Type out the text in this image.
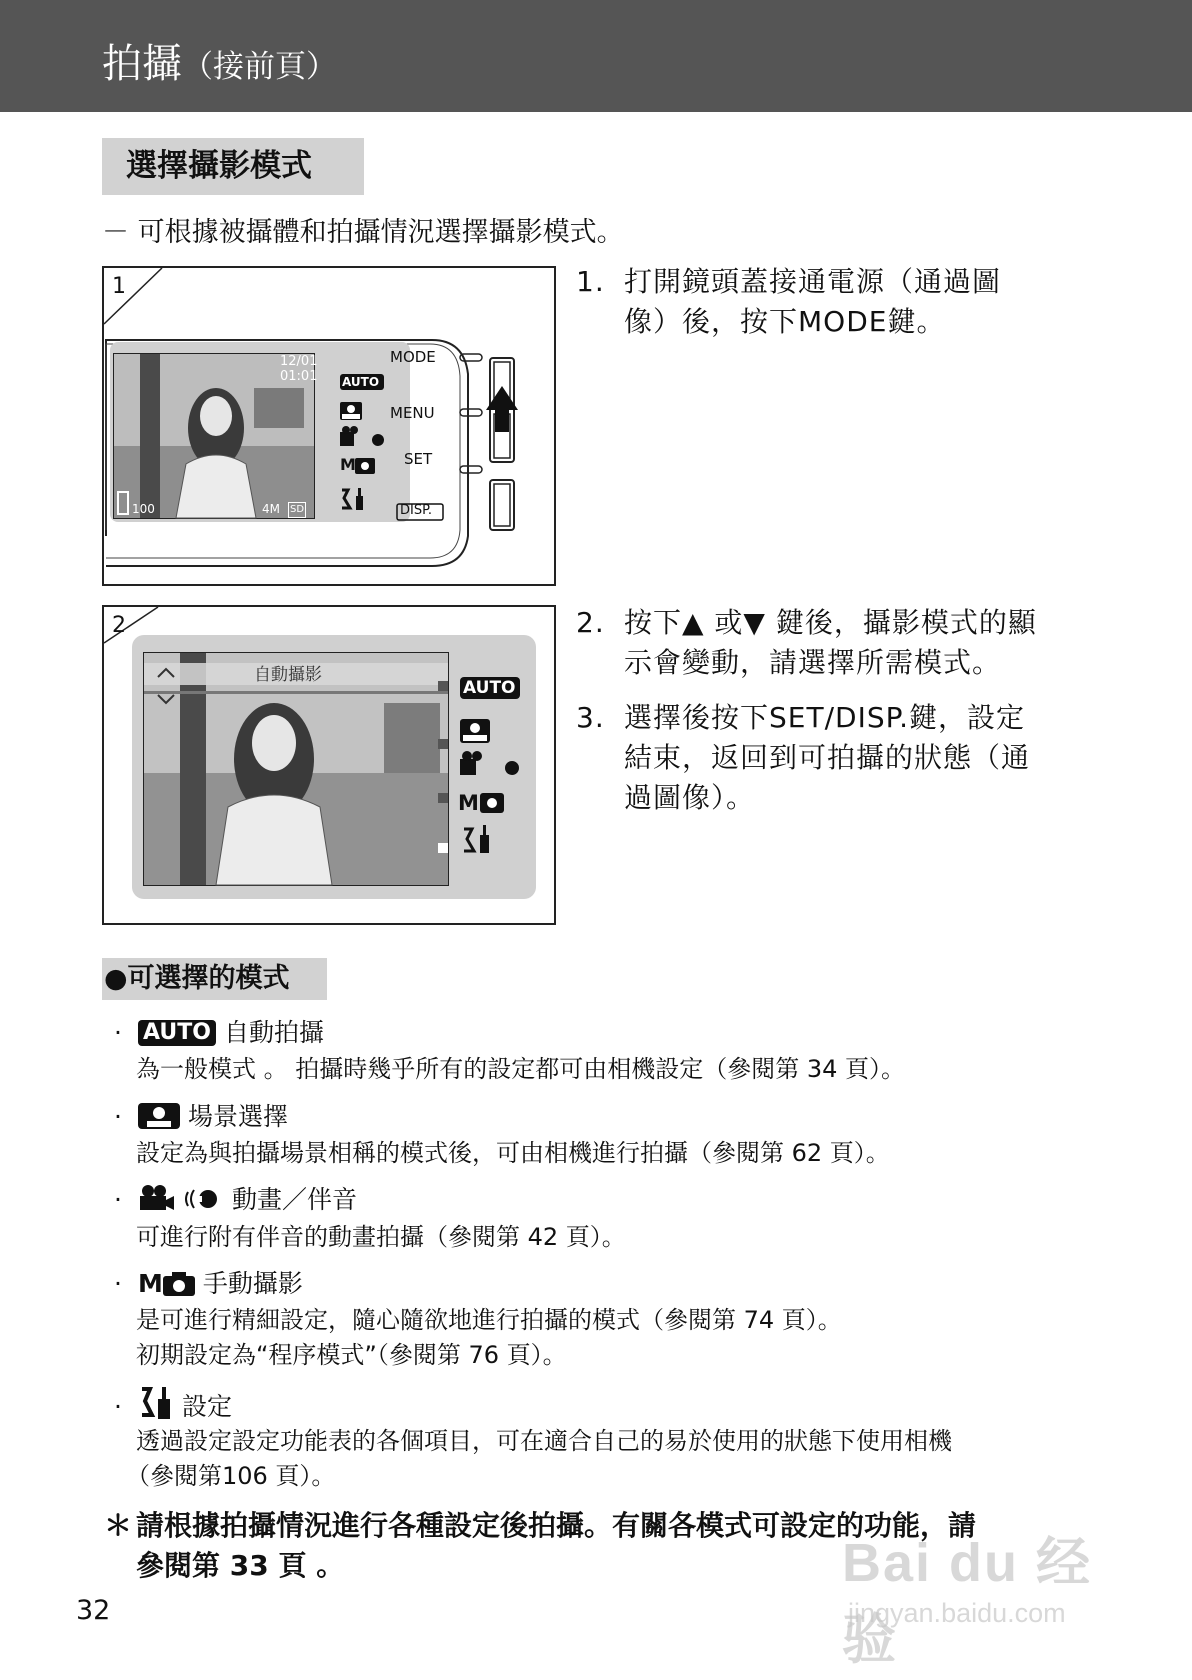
拍攝（接前頁）
選擇攝影模式
－ 可根據被攝體和拍攝情況選擇攝影模式。
1
12/01
01:01
100	4M SD
AUTO
M
MODE
MENU
SET
DISP.
2
自動攝影
AUTO
M
1. 打開鏡頭蓋接通電源（通過圖
像）後，按下MODE鍵。
2. 按下▲ 或▼ 鍵後，攝影模式的顯
示會變動，請選擇所需模式。
3. 選擇後按下SET/DISP.鍵，設定
結束，返回到可拍攝的狀態（通
過圖像）。
●可選擇的模式
· AUTO 自動拍攝
為一般模式 。 拍攝時幾乎所有的設定都可由相機設定（參閱第 34 頁）。
·	場景選擇
設定為與拍攝場景相稱的模式後，可由相機進行拍攝（參閱第 62 頁）。
·	動畫／伴音
可進行附有伴音的動畫拍攝（參閱第 42 頁）。
· M 手動攝影
是可進行精細設定，隨心隨欲地進行拍攝的模式（參閱第 74 頁）。
初期設定為“程序模式”（參閱第 76 頁）。
· 設定
透過設定設定功能表的各個項目，可在適合自己的易於使用的狀態下使用相機
（參閱第106 頁）。
＊ 請根據拍攝情況進行各種設定後拍攝。有關各模式可設定的功能，請
參閱第 33 頁 。
32
Bai du 经验
jingyan.baidu.com
